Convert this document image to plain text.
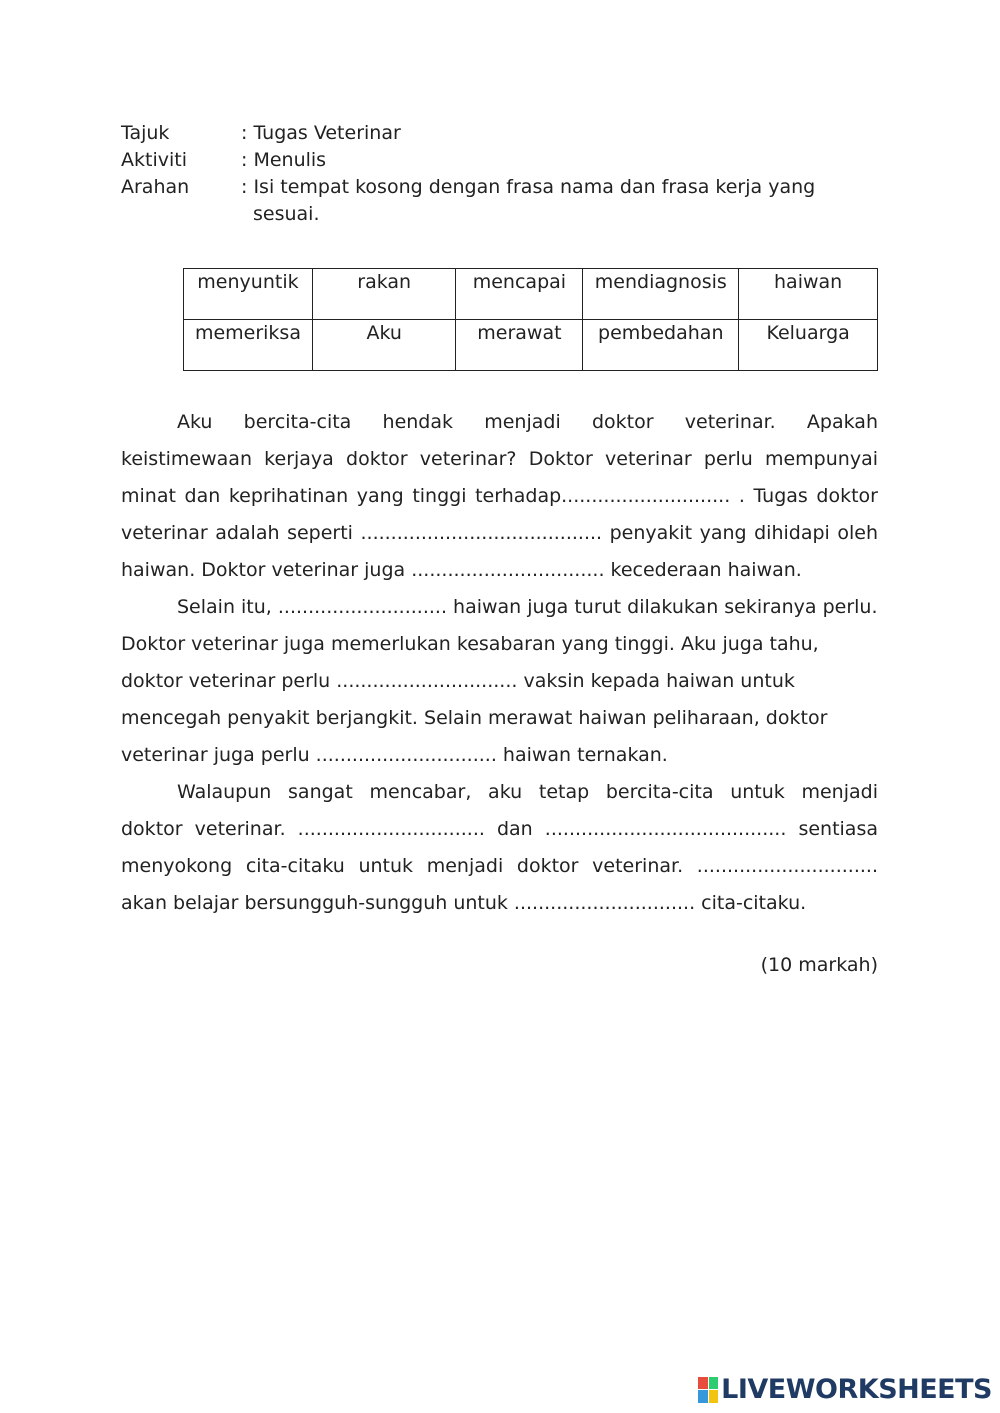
Tajuk	: Tugas Veterinar
Aktiviti	: Menulis
Arahan	: Isi tempat kosong dengan frasa nama dan frasa kerja yang
sesuai.
menyuntik	rakan	mencapai	mendiagnosis	haiwan
memeriksa	Aku	merawat	pembedahan	Keluarga
Aku bercita-cita hendak menjadi doktor veterinar. Apakah
keistimewaan kerjaya doktor veterinar? Doktor veterinar perlu mempunyai
minat dan keprihatinan yang tinggi terhadap............................ . Tugas doktor
veterinar adalah seperti ........................................ penyakit yang dihidapi oleh
haiwan. Doktor veterinar juga ................................ kecederaan haiwan.
Selain itu, ............................ haiwan juga turut dilakukan sekiranya perlu.
Doktor veterinar juga memerlukan kesabaran yang tinggi. Aku juga tahu,
doktor veterinar perlu .............................. vaksin kepada haiwan untuk
mencegah penyakit berjangkit. Selain merawat haiwan peliharaan, doktor
veterinar juga perlu .............................. haiwan ternakan.
Walaupun sangat mencabar, aku tetap bercita-cita untuk menjadi
doktor veterinar. ............................... dan ........................................ sentiasa
menyokong cita-citaku untuk menjadi doktor veterinar. ..............................
akan belajar bersungguh-sungguh untuk .............................. cita-citaku.
(10 markah)
LIVEWORKSHEETS
